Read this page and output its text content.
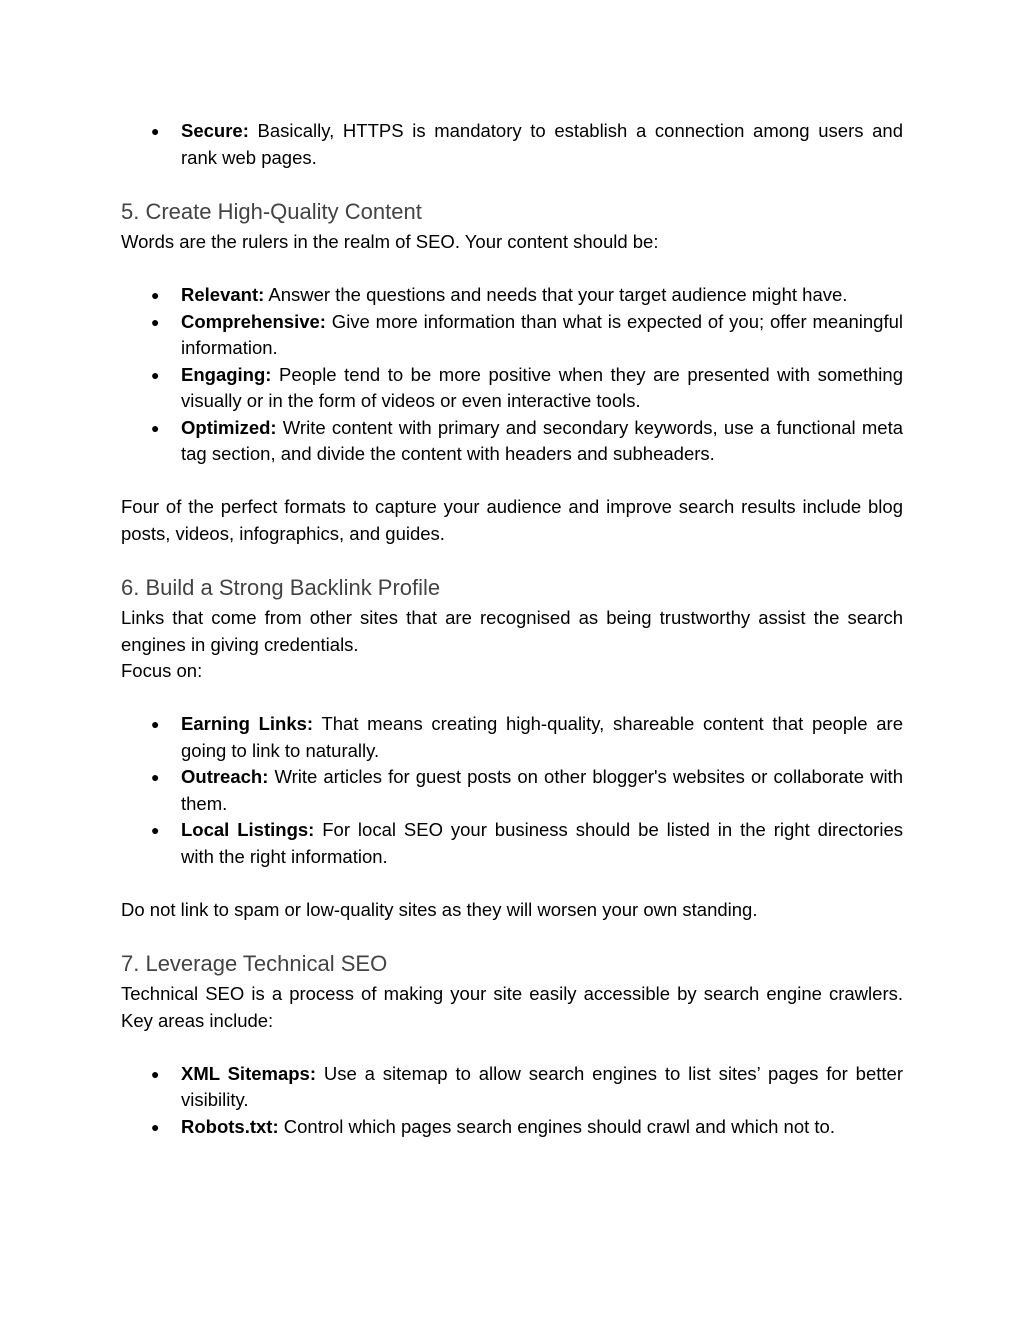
● Secure: Basically, HTTPS is mandatory to establish a connection among users and rank web pages.
5. Create High-Quality Content

Words are the rulers in the realm of SEO. Your content should be:

● Relevant: Answer the questions and needs that your target audience might have.
● Comprehensive: Give more information than what is expected of you; offer meaningful information.
● Engaging: People tend to be more positive when they are presented with something visually or in the form of videos or even interactive tools.
● Optimized: Write content with primary and secondary keywords, use a functional meta tag section, and divide the content with headers and subheaders.

Four of the perfect formats to capture your audience and improve search results include blog posts, videos, infographics, and guides.

6. Build a Strong Backlink Profile

Links that come from other sites that are recognised as being trustworthy assist the search engines in giving credentials.

Focus on:

● Earning Links: That means creating high-quality, shareable content that people are going to link to naturally.
● Outreach: Write articles for guest posts on other blogger's websites or collaborate with them.
● Local Listings: For local SEO your business should be listed in the right directories with the right information.

Do not link to spam or low-quality sites as they will worsen your own standing.

7. Leverage Technical SEO

Technical SEO is a process of making your site easily accessible by search engine crawlers. Key areas include:

● XML Sitemaps: Use a sitemap to allow search engines to list sites’ pages for better visibility.
● Robots.txt: Control which pages search engines should crawl and which not to.
